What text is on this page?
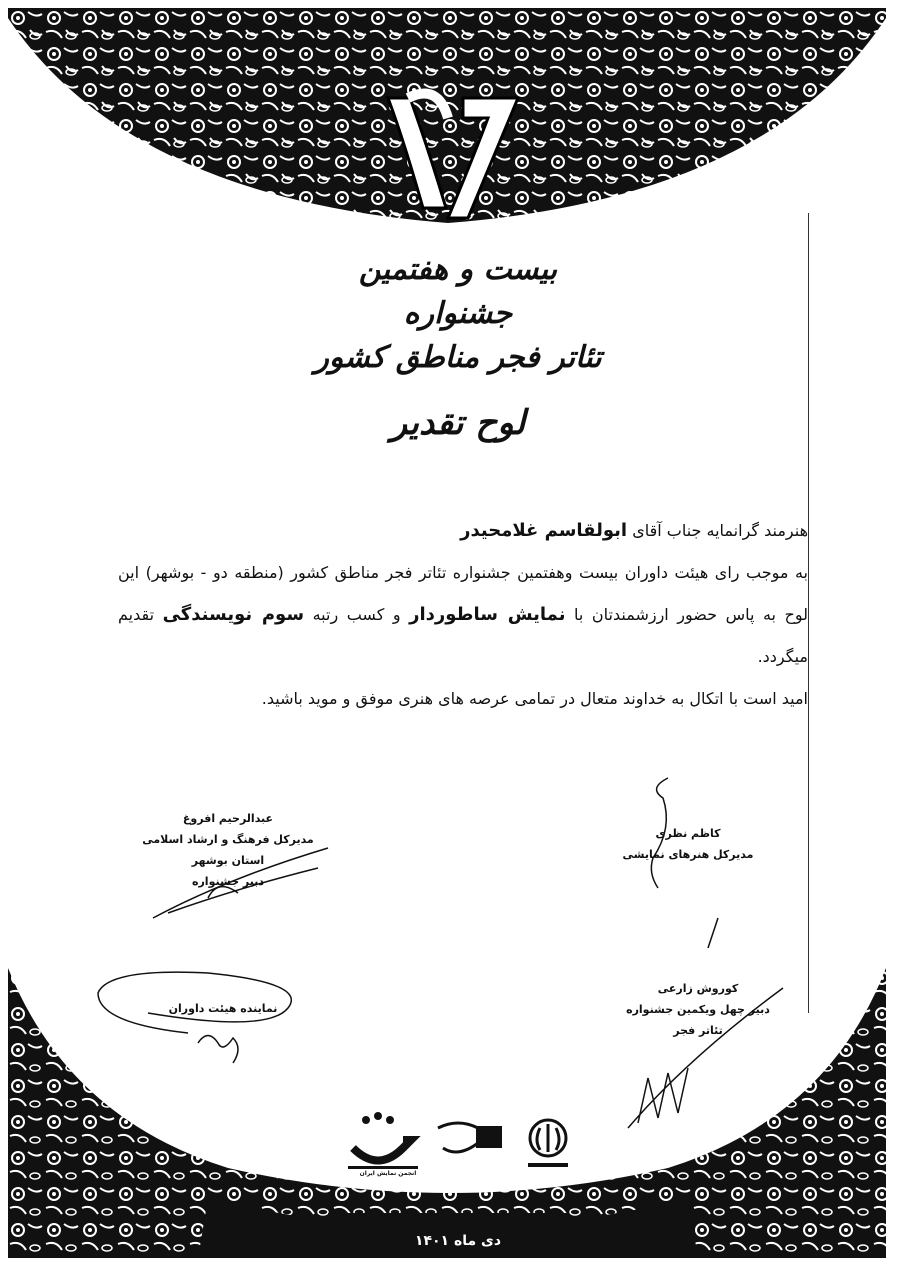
بیست و هفتمین جشنواره
تئاتر فجر مناطق کشور
لوح تقدیر

هنرمند گرانمایه جناب آقای ابولقاسم غلامحیدر

به موجب رای هیئت داوران بیست وهفتمین جشنواره تئاتر فجر مناطق کشور (منطقه دو - بوشهر) این لوح به پاس حضور ارزشمندتان با نمایش ساطوردار و کسب رتبه سوم نویسندگی تقدیم میگردد.

امید است با اتکال به خداوند متعال در تمامی عرصه های هنری موفق و موید باشید.

عبدالرحیم افروغ
مدیرکل فرهنگ و ارشاد اسلامی
استان بوشهر
دبیر جشنواره
کاظم نظری
مدیرکل هنرهای نمایشی
نماینده هیئت داوران
کوروش زارعی
دبیر چهل ویکمین جشنواره
تئاتر فجر
انجمن نمایش ایران
دی ماه ۱۴۰۱
